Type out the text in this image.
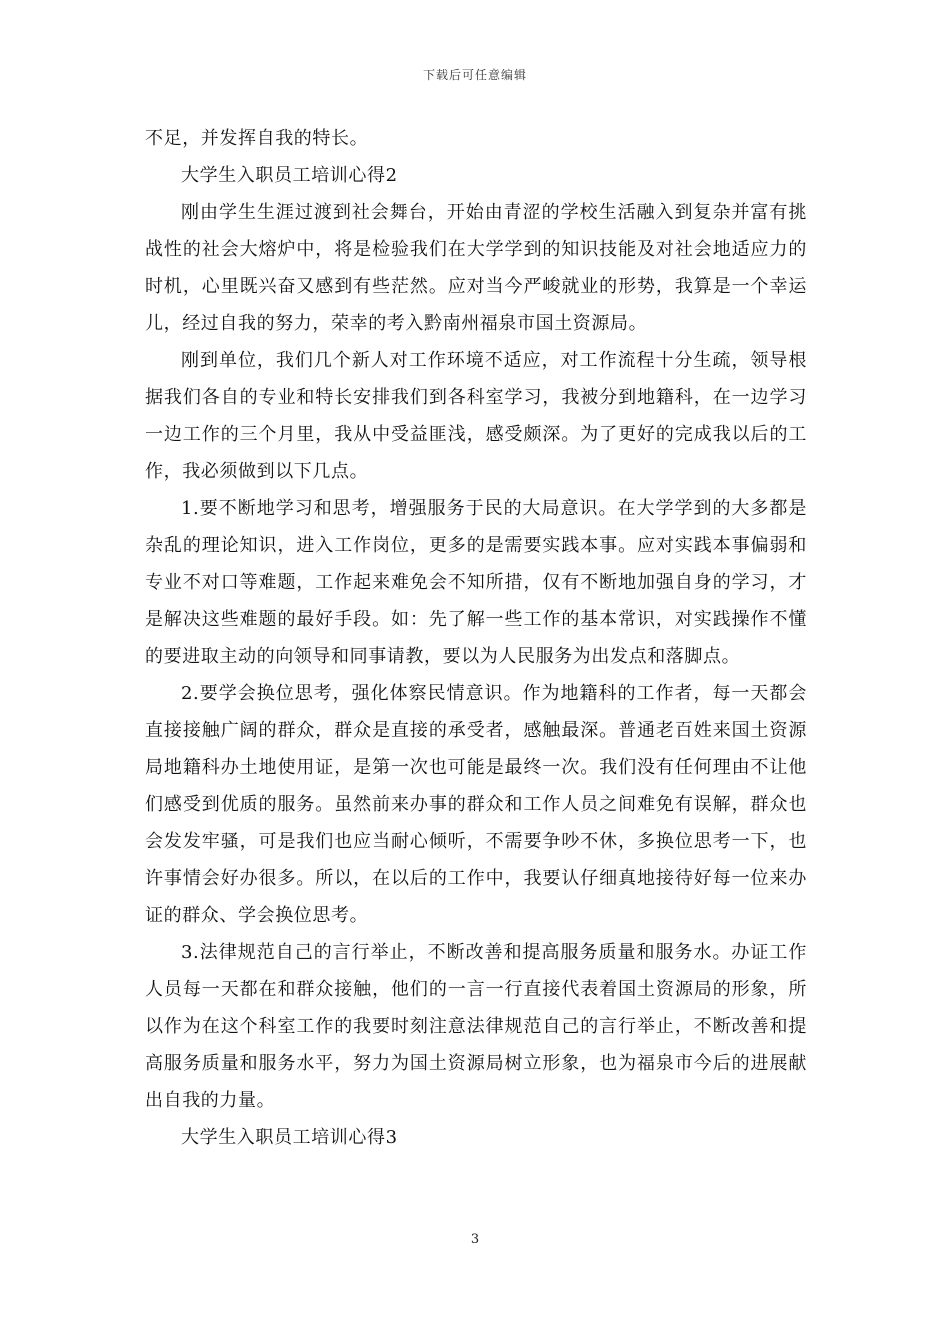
下载后可任意编辑

不足，并发挥自我的特长。

大学生入职员工培训心得2

刚由学生生涯过渡到社会舞台，开始由青涩的学校生活融入到复杂并富有挑战性的社会大熔炉中，将是检验我们在大学学到的知识技能及对社会地适应力的时机，心里既兴奋又感到有些茫然。应对当今严峻就业的形势，我算是一个幸运儿，经过自我的努力，荣幸的考入黔南州福泉市国土资源局。

刚到单位，我们几个新人对工作环境不适应，对工作流程十分生疏，领导根据我们各自的专业和特长安排我们到各科室学习，我被分到地籍科，在一边学习一边工作的三个月里，我从中受益匪浅，感受颇深。为了更好的完成我以后的工作，我必须做到以下几点。

1.要不断地学习和思考，增强服务于民的大局意识。在大学学到的大多都是杂乱的理论知识，进入工作岗位，更多的是需要实践本事。应对实践本事偏弱和专业不对口等难题，工作起来难免会不知所措，仅有不断地加强自身的学习，才是解决这些难题的最好手段。如：先了解一些工作的基本常识，对实践操作不懂的要进取主动的向领导和同事请教，要以为人民服务为出发点和落脚点。

2.要学会换位思考，强化体察民情意识。作为地籍科的工作者，每一天都会直接接触广阔的群众，群众是直接的承受者，感触最深。普通老百姓来国土资源局地籍科办土地使用证，是第一次也可能是最终一次。我们没有任何理由不让他们感受到优质的服务。虽然前来办事的群众和工作人员之间难免有误解，群众也会发发牢骚，可是我们也应当耐心倾听，不需要争吵不休，多换位思考一下，也许事情会好办很多。所以，在以后的工作中，我要认仔细真地接待好每一位来办证的群众、学会换位思考。

3.法律规范自己的言行举止，不断改善和提高服务质量和服务水。办证工作人员每一天都在和群众接触，他们的一言一行直接代表着国土资源局的形象，所以作为在这个科室工作的我要时刻注意法律规范自己的言行举止，不断改善和提高服务质量和服务水平，努力为国土资源局树立形象，也为福泉市今后的进展献出自我的力量。

大学生入职员工培训心得3

3
